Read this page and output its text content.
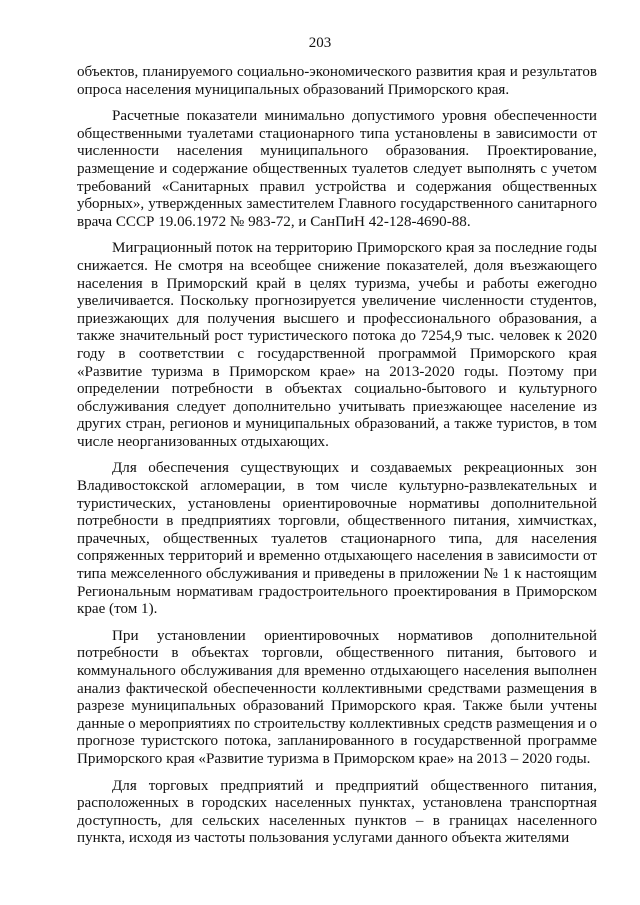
203

объектов, планируемого социально-экономического развития края и результатов опроса населения муниципальных образований Приморского края.

Расчетные показатели минимально допустимого уровня обеспеченности общественными туалетами стационарного типа установлены в зависимости от численности населения муниципального образования. Проектирование, размещение и содержание общественных туалетов следует выполнять с учетом требований «Санитарных правил устройства и содержания общественных уборных», утвержденных заместителем Главного государственного санитарного врача СССР 19.06.1972 № 983-72, и СанПиН 42-128-4690-88.

Миграционный поток на территорию Приморского края за последние годы снижается. Не смотря на всеобщее снижение показателей, доля въезжающего населения в Приморский край в целях туризма, учебы и работы ежегодно увеличивается. Поскольку прогнозируется увеличение численности студентов, приезжающих для получения высшего и профессионального образования, а также значительный рост туристического потока до 7254,9 тыс. человек к 2020 году в соответствии с государственной программой Приморского края «Развитие туризма в Приморском крае» на 2013-2020 годы. Поэтому при определении потребности в объектах социально-бытового и культурного обслуживания следует дополнительно учитывать приезжающее население из других стран, регионов и муниципальных образований, а также туристов, в том числе неорганизованных отдыхающих.

Для обеспечения существующих и создаваемых рекреационных зон Владивостокской агломерации, в том числе культурно-развлекательных и туристических, установлены ориентировочные нормативы дополнительной потребности в предприятиях торговли, общественного питания, химчистках, прачечных, общественных туалетов стационарного типа, для населения сопряженных территорий и временно отдыхающего населения в зависимости от типа межселенного обслуживания и приведены в приложении № 1 к настоящим Региональным нормативам градостроительного проектирования в Приморском крае (том 1).

При установлении ориентировочных нормативов дополнительной потребности в объектах торговли, общественного питания, бытового и коммунального обслуживания для временно отдыхающего населения выполнен анализ фактической обеспеченности коллективными средствами размещения в разрезе муниципальных образований Приморского края. Также были учтены данные о мероприятиях по строительству коллективных средств размещения и о прогнозе туристского потока, запланированного в государственной программе Приморского края «Развитие туризма в Приморском крае» на 2013 – 2020 годы.

Для торговых предприятий и предприятий общественного питания, расположенных в городских населенных пунктах, установлена транспортная доступность, для сельских населенных пунктов – в границах населенного пункта, исходя из частоты пользования услугами данного объекта жителями
